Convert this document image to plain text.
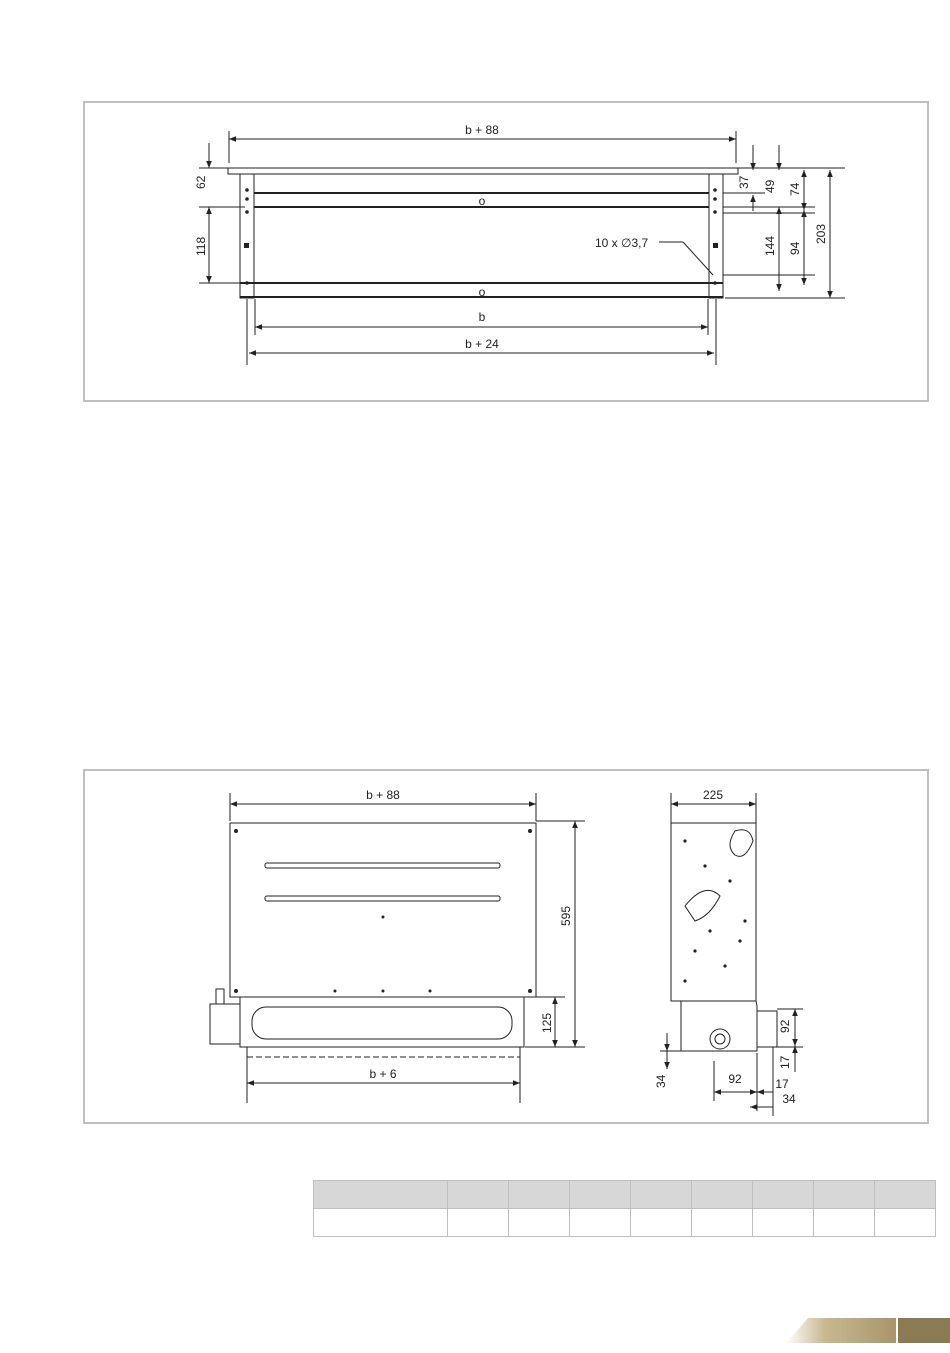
b + 88
o
o
b
b + 24
10 x ∅3,7
62
118
37 49 74
203
144 94
b + 88
b + 6
595
125
225
92
17
34	92	17
34
